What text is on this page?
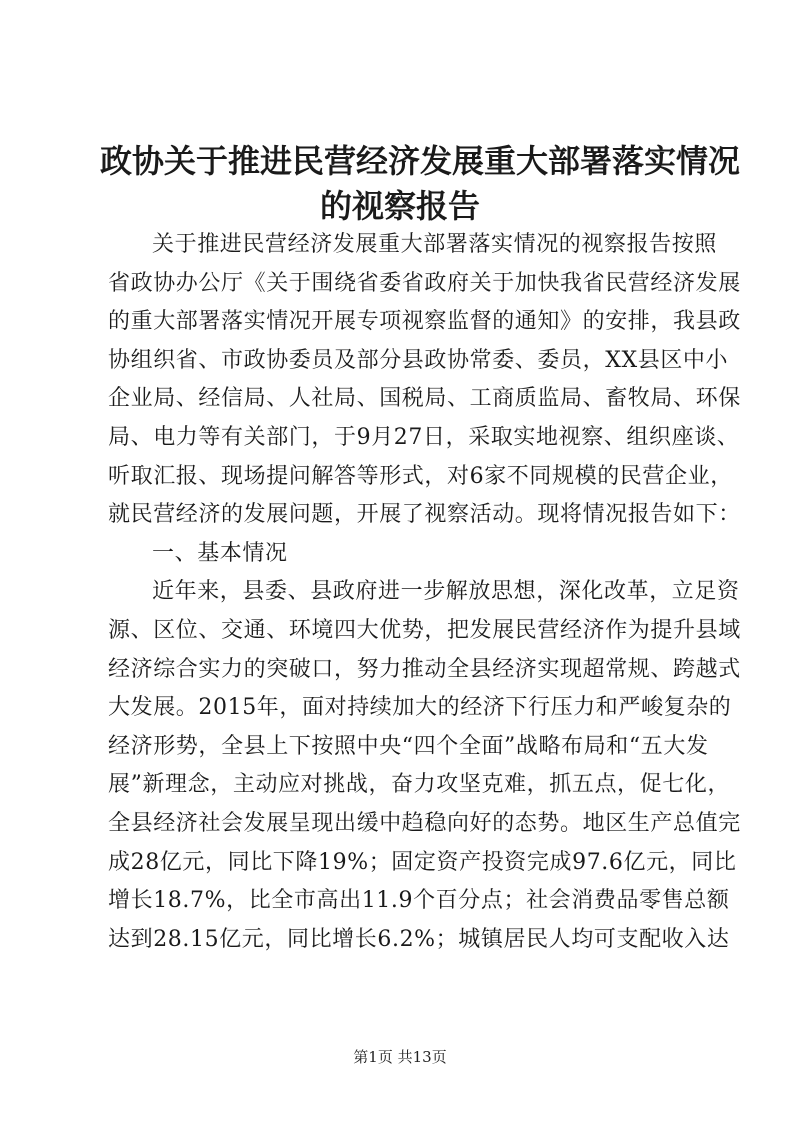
政协关于推进民营经济发展重大部署落实情况
的视察报告
关于推进民营经济发展重大部署落实情况的视察报告按照
省政协办公厅《关于围绕省委省政府关于加快我省民营经济发展
的重大部署落实情况开展专项视察监督的通知》的安排，我县政
协组织省、市政协委员及部分县政协常委、委员，XX县区中小
企业局、经信局、人社局、国税局、工商质监局、畜牧局、环保
局、电力等有关部门，于9月27日，采取实地视察、组织座谈、
听取汇报、现场提问解答等形式，对6家不同规模的民营企业，
就民营经济的发展问题，开展了视察活动。现将情况报告如下：
一、基本情况
近年来，县委、县政府进一步解放思想，深化改革，立足资
源、区位、交通、环境四大优势，把发展民营经济作为提升县域
经济综合实力的突破口，努力推动全县经济实现超常规、跨越式
大发展。2015年，面对持续加大的经济下行压力和严峻复杂的
经济形势，全县上下按照中央“四个全面”战略布局和“五大发
展”新理念，主动应对挑战，奋力攻坚克难，抓五点，促七化，
全县经济社会发展呈现出缓中趋稳向好的态势。地区生产总值完
成28亿元，同比下降19%；固定资产投资完成97.6亿元，同比
增长18.7%，比全市高出11.9个百分点；社会消费品零售总额
达到28.15亿元，同比增长6.2%；城镇居民人均可支配收入达
第1页 共13页
